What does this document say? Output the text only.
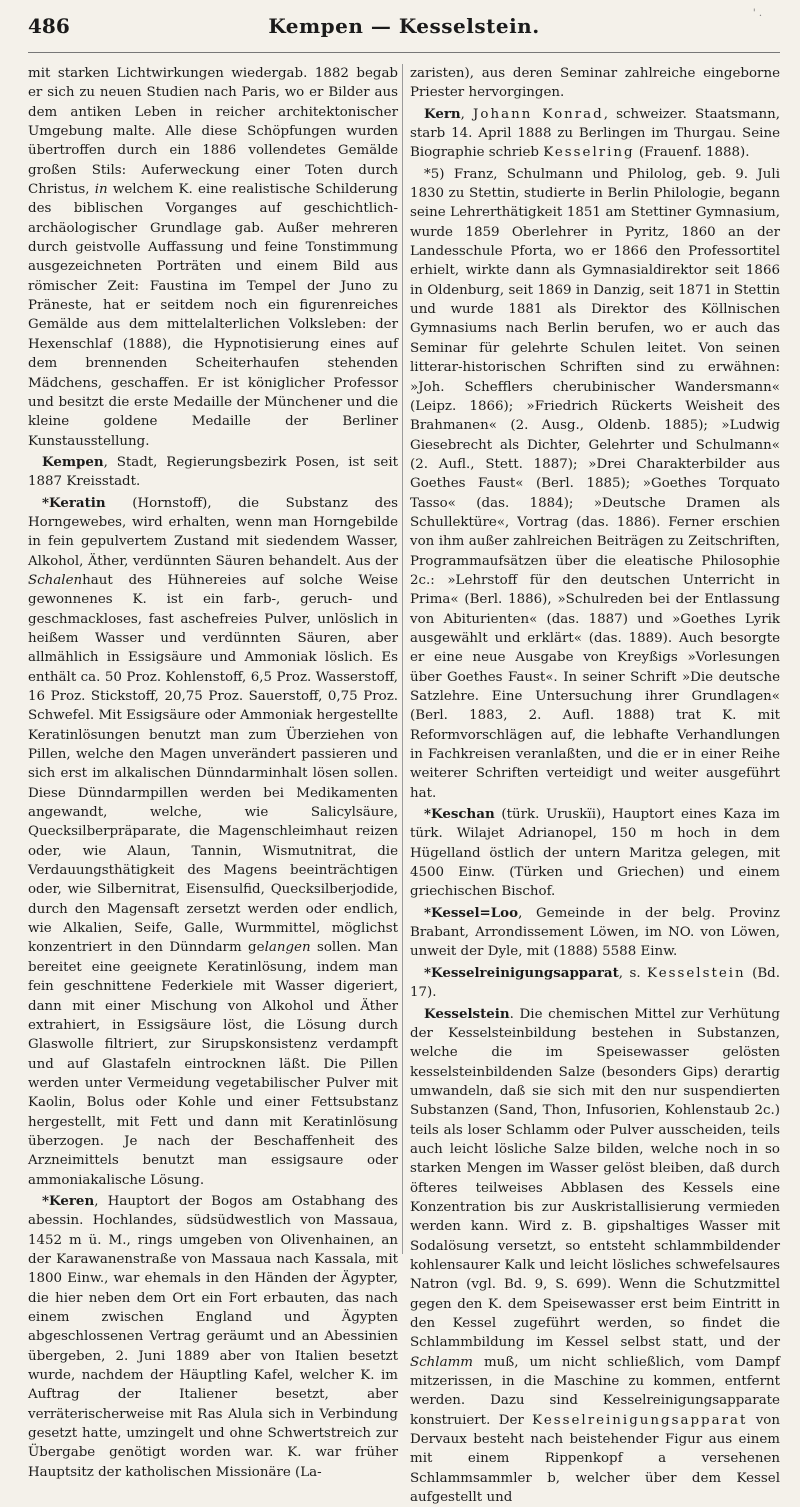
486	Kempen — Kesselstein.
' .

mit starken Lichtwirkungen wiedergab. 1882 begab er sich zu neuen Studien nach Paris, wo er Bilder aus dem antiken Leben in reicher architektonischer Umgebung malte. Alle diese Schöpfungen wurden übertroffen durch ein 1886 vollendetes Gemälde großen Stils: Auferweckung einer Toten durch Christus, in welchem K. eine realistische Schilderung des biblischen Vorganges auf geschichtlich-archäologischer Grundlage gab. Außer mehreren durch geistvolle Auffassung und feine Tonstimmung ausgezeichneten Porträten und einem Bild aus römischer Zeit: Faustina im Tempel der Juno zu Präneste, hat er seitdem noch ein figurenreiches Gemälde aus dem mittelalterlichen Volksleben: der Hexenschlaf (1888), die Hypnotisierung eines auf dem brennenden Scheiterhaufen stehenden Mädchens, geschaffen. Er ist königlicher Professor und besitzt die erste Medaille der Münchener und die kleine goldene Medaille der Berliner Kunstausstellung.

Kempen, Stadt, Regierungsbezirk Posen, ist seit 1887 Kreisstadt.

*Keratin (Hornstoff), die Substanz des Horngewebes, wird erhalten, wenn man Horngebilde in fein gepulvertem Zustand mit siedendem Wasser, Alkohol, Äther, verdünnten Säuren behandelt. Aus der Schalenhaut des Hühnereies auf solche Weise gewonnenes K. ist ein farb-, geruch- und geschmackloses, fast aschefreies Pulver, unlöslich in heißem Wasser und verdünnten Säuren, aber allmählich in Essigsäure und Ammoniak löslich. Es enthält ca. 50 Proz. Kohlenstoff, 6,5 Proz. Wasserstoff, 16 Proz. Stickstoff, 20,75 Proz. Sauerstoff, 0,75 Proz. Schwefel. Mit Essigsäure oder Ammoniak hergestellte Keratinlösungen benutzt man zum Überziehen von Pillen, welche den Magen unverändert passieren und sich erst im alkalischen Dünndarminhalt lösen sollen. Diese Dünndarmpillen werden bei Medikamenten angewandt, welche, wie Salicylsäure, Quecksilberpräparate, die Magenschleimhaut reizen oder, wie Alaun, Tannin, Wismutnitrat, die Verdauungsthätigkeit des Magens beeinträchtigen oder, wie Silbernitrat, Eisensulfid, Quecksilberjodide, durch den Magensaft zersetzt werden oder endlich, wie Alkalien, Seife, Galle, Wurmmittel, möglichst konzentriert in den Dünndarm gelangen sollen. Man bereitet eine geeignete Keratinlösung, indem man fein geschnittene Federkiele mit Wasser digeriert, dann mit einer Mischung von Alkohol und Äther extrahiert, in Essigsäure löst, die Lösung durch Glaswolle filtriert, zur Sirupskonsistenz verdampft und auf Glastafeln eintrocknen läßt. Die Pillen werden unter Vermeidung vegetabilischer Pulver mit Kaolin, Bolus oder Kohle und einer Fettsubstanz hergestellt, mit Fett und dann mit Keratinlösung überzogen. Je nach der Beschaffenheit des Arzneimittels benutzt man essigsaure oder ammoniakalische Lösung.

*Keren, Hauptort der Bogos am Ostabhang des abessin. Hochlandes, südsüdwestlich von Massaua, 1452 m ü. M., rings umgeben von Olivenhainen, an der Karawanenstraße von Massaua nach Kassala, mit 1800 Einw., war ehemals in den Händen der Ägypter, die hier neben dem Ort ein Fort erbauten, das nach einem zwischen England und Ägypten abgeschlossenen Vertrag geräumt und an Abessinien übergeben, 2. Juni 1889 aber von Italien besetzt wurde, nachdem der Häuptling Kafel, welcher K. im Auftrag der Italiener besetzt, aber verräterischerweise mit Ras Alula sich in Verbindung gesetzt hatte, umzingelt und ohne Schwertstreich zur Übergabe genötigt worden war. K. war früher Hauptsitz der katholischen Missionäre (La-

zaristen), aus deren Seminar zahlreiche eingeborne Priester hervorgingen.

Kern, Johann Konrad, schweizer. Staatsmann, starb 14. April 1888 zu Berlingen im Thurgau. Seine Biographie schrieb Kesselring (Frauenf. 1888).

*5) Franz, Schulmann und Philolog, geb. 9. Juli 1830 zu Stettin, studierte in Berlin Philologie, begann seine Lehrerthätigkeit 1851 am Stettiner Gymnasium, wurde 1859 Oberlehrer in Pyritz, 1860 an der Landesschule Pforta, wo er 1866 den Professortitel erhielt, wirkte dann als Gymnasialdirektor seit 1866 in Oldenburg, seit 1869 in Danzig, seit 1871 in Stettin und wurde 1881 als Direktor des Köllnischen Gymnasiums nach Berlin berufen, wo er auch das Seminar für gelehrte Schulen leitet. Von seinen litterar-historischen Schriften sind zu erwähnen: »Joh. Schefflers cherubinischer Wandersmann« (Leipz. 1866); »Friedrich Rückerts Weisheit des Brahmanen« (2. Ausg., Oldenb. 1885); »Ludwig Giesebrecht als Dichter, Gelehrter und Schulmann« (2. Aufl., Stett. 1887); »Drei Charakterbilder aus Goethes Faust« (Berl. 1885); »Goethes Torquato Tasso« (das. 1884); »Deutsche Dramen als Schullektüre«, Vortrag (das. 1886). Ferner erschien von ihm außer zahlreichen Beiträgen zu Zeitschriften, Programmaufsätzen über die eleatische Philosophie 2c.: »Lehrstoff für den deutschen Unterricht in Prima« (Berl. 1886), »Schulreden bei der Entlassung von Abiturienten« (das. 1887) und »Goethes Lyrik ausgewählt und erklärt« (das. 1889). Auch besorgte er eine neue Ausgabe von Kreyßigs »Vorlesungen über Goethes Faust«. In seiner Schrift »Die deutsche Satzlehre. Eine Untersuchung ihrer Grundlagen« (Berl. 1883, 2. Aufl. 1888) trat K. mit Reformvorschlägen auf, die lebhafte Verhandlungen in Fachkreisen veranlaßten, und die er in einer Reihe weiterer Schriften verteidigt und weiter ausgeführt hat.

*Keschan (türk. Uruskïi), Hauptort eines Kaza im türk. Wilajet Adrianopel, 150 m hoch in dem Hügelland östlich der untern Maritza gelegen, mit 4500 Einw. (Türken und Griechen) und einem griechischen Bischof.

*Kessel=Loo, Gemeinde in der belg. Provinz Brabant, Arrondissement Löwen, im NO. von Löwen, unweit der Dyle, mit (1888) 5588 Einw.

*Kesselreinigungsapparat, s. Kesselstein (Bd. 17).

Kesselstein. Die chemischen Mittel zur Verhütung der Kesselsteinbildung bestehen in Substanzen, welche die im Speisewasser gelösten kesselsteinbildenden Salze (besonders Gips) derartig umwandeln, daß sie sich mit den nur suspendierten Substanzen (Sand, Thon, Infusorien, Kohlenstaub 2c.) teils als loser Schlamm oder Pulver ausscheiden, teils auch leicht lösliche Salze bilden, welche noch in so starken Mengen im Wasser gelöst bleiben, daß durch öfteres teilweises Abblasen des Kessels eine Konzentration bis zur Auskristallisierung vermieden werden kann. Wird z. B. gipshaltiges Wasser mit Sodalösung versetzt, so entsteht schlammbildender kohlensaurer Kalk und leicht lösliches schwefelsaures Natron (vgl. Bd. 9, S. 699). Wenn die Schutzmittel gegen den K. dem Speisewasser erst beim Eintritt in den Kessel zugeführt werden, so findet die Schlammbildung im Kessel selbst statt, und der Schlamm muß, um nicht schließlich, vom Dampf mitzerissen, in die Maschine zu kommen, entfernt werden. Dazu sind Kesselreinigungsapparate konstruiert. Der Kesselreinigungsapparat von Dervaux besteht nach beistehender Figur aus einem mit einem Rippenkopf a versehenen Schlammsammler b, welcher über dem Kessel aufgestellt und
